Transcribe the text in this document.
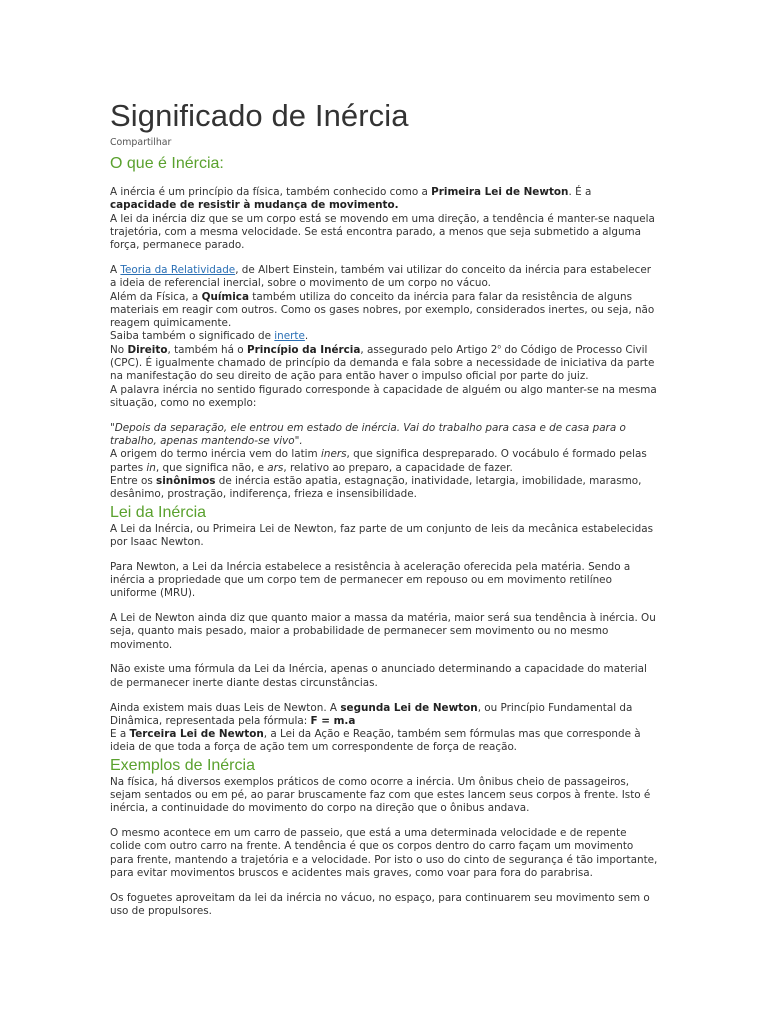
Significado de Inércia
Compartilhar
O que é Inércia:

A inércia é um princípio da física, também conhecido como a Primeira Lei de Newton. É a capacidade de resistir à mudança de movimento.

A lei da inércia diz que se um corpo está se movendo em uma direção, a tendência é manter-se naquela trajetória, com a mesma velocidade. Se está encontra parado, a menos que seja submetido a alguma força, permanece parado.

A Teoria da Relatividade, de Albert Einstein, também vai utilizar do conceito da inércia para estabelecer a ideia de referencial inercial, sobre o movimento de um corpo no vácuo.

Além da Física, a Química também utiliza do conceito da inércia para falar da resistência de alguns materiais em reagir com outros. Como os gases nobres, por exemplo, considerados inertes, ou seja, não reagem quimicamente.

Saiba também o significado de inerte.

No Direito, também há o Princípio da Inércia, assegurado pelo Artigo 2$^o$ do Código de Processo Civil (CPC). É igualmente chamado de princípio da demanda e fala sobre a necessidade de iniciativa da parte na manifestação do seu direito de ação para então haver o impulso oficial por parte do juiz.

A palavra inércia no sentido figurado corresponde à capacidade de alguém ou algo manter-se na mesma situação, como no exemplo:

"Depois da separação, ele entrou em estado de inércia. Vai do trabalho para casa e de casa para o trabalho, apenas mantendo-se vivo".

A origem do termo inércia vem do latim iners, que significa despreparado. O vocábulo é formado pelas partes in, que significa não, e ars, relativo ao preparo, a capacidade de fazer.

Entre os sinônimos de inércia estão apatia, estagnação, inatividade, letargia, imobilidade, marasmo, desânimo, prostração, indiferença, frieza e insensibilidade.

Lei da Inércia

A Lei da Inércia, ou Primeira Lei de Newton, faz parte de um conjunto de leis da mecânica estabelecidas por Isaac Newton.

Para Newton, a Lei da Inércia estabelece a resistência à aceleração oferecida pela matéria. Sendo a inércia a propriedade que um corpo tem de permanecer em repouso ou em movimento retilíneo uniforme (MRU).

A Lei de Newton ainda diz que quanto maior a massa da matéria, maior será sua tendência à inércia. Ou seja, quanto mais pesado, maior a probabilidade de permanecer sem movimento ou no mesmo movimento.

Não existe uma fórmula da Lei da Inércia, apenas o anunciado determinando a capacidade do material de permanecer inerte diante destas circunstâncias.

Ainda existem mais duas Leis de Newton. A segunda Lei de Newton, ou Princípio Fundamental da Dinâmica, representada pela fórmula: F = m.a

E a Terceira Lei de Newton, a Lei da Ação e Reação, também sem fórmulas mas que corresponde à ideia de que toda a força de ação tem um correspondente de força de reação.

Exemplos de Inércia

Na física, há diversos exemplos práticos de como ocorre a inércia. Um ônibus cheio de passageiros, sejam sentados ou em pé, ao parar bruscamente faz com que estes lancem seus corpos à frente. Isto é inércia, a continuidade do movimento do corpo na direção que o ônibus andava.

O mesmo acontece em um carro de passeio, que está a uma determinada velocidade e de repente colide com outro carro na frente. A tendência é que os corpos dentro do carro façam um movimento para frente, mantendo a trajetória e a velocidade. Por isto o uso do cinto de segurança é tão importante, para evitar movimentos bruscos e acidentes mais graves, como voar para fora do parabrisa.

Os foguetes aproveitam da lei da inércia no vácuo, no espaço, para continuarem seu movimento sem o uso de propulsores.
